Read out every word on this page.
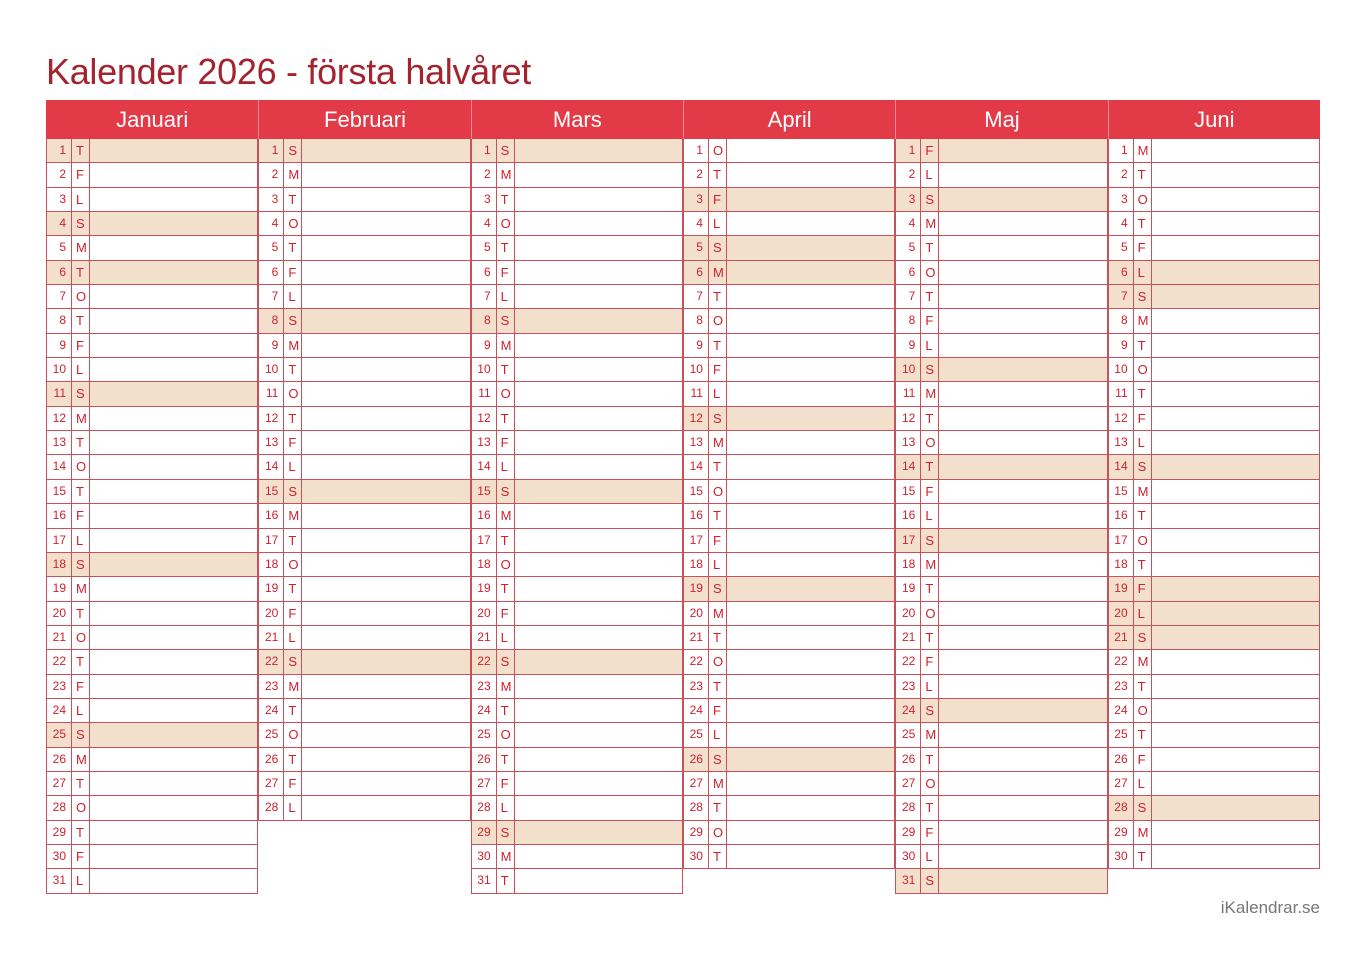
Kalender 2026 - första halvåret
Januari
1 T
2 F
3 L
4 S
5 M
6 T
7 O
8 T
9 F
10 L
11 S
12 M
13 T
14 O
15 T
16 F
17 L
18 S
19 M
20 T
21 O
22 T
23 F
24 L
25 S
26 M
27 T
28 O
29 T
30 F
31 L
Februari
1 S
2 M
3 T
4 O
5 T
6 F
7 L
8 S
9 M
10 T
11 O
12 T
13 F
14 L
15 S
16 M
17 T
18 O
19 T
20 F
21 L
22 S
23 M
24 T
25 O
26 T
27 F
28 L
Mars
1 S
2 M
3 T
4 O
5 T
6 F
7 L
8 S
9 M
10 T
11 O
12 T
13 F
14 L
15 S
16 M
17 T
18 O
19 T
20 F
21 L
22 S
23 M
24 T
25 O
26 T
27 F
28 L
29 S
30 M
31 T
April
1 O
2 T
3 F
4 L
5 S
6 M
7 T
8 O
9 T
10 F
11 L
12 S
13 M
14 T
15 O
16 T
17 F
18 L
19 S
20 M
21 T
22 O
23 T
24 F
25 L
26 S
27 M
28 T
29 O
30 T
Maj
1 F
2 L
3 S
4 M
5 T
6 O
7 T
8 F
9 L
10 S
11 M
12 T
13 O
14 T
15 F
16 L
17 S
18 M
19 T
20 O
21 T
22 F
23 L
24 S
25 M
26 T
27 O
28 T
29 F
30 L
31 S
Juni
1 M
2 T
3 O
4 T
5 F
6 L
7 S
8 M
9 T
10 O
11 T
12 F
13 L
14 S
15 M
16 T
17 O
18 T
19 F
20 L
21 S
22 M
23 T
24 O
25 T
26 F
27 L
28 S
29 M
30 T
iKalendrar.se
